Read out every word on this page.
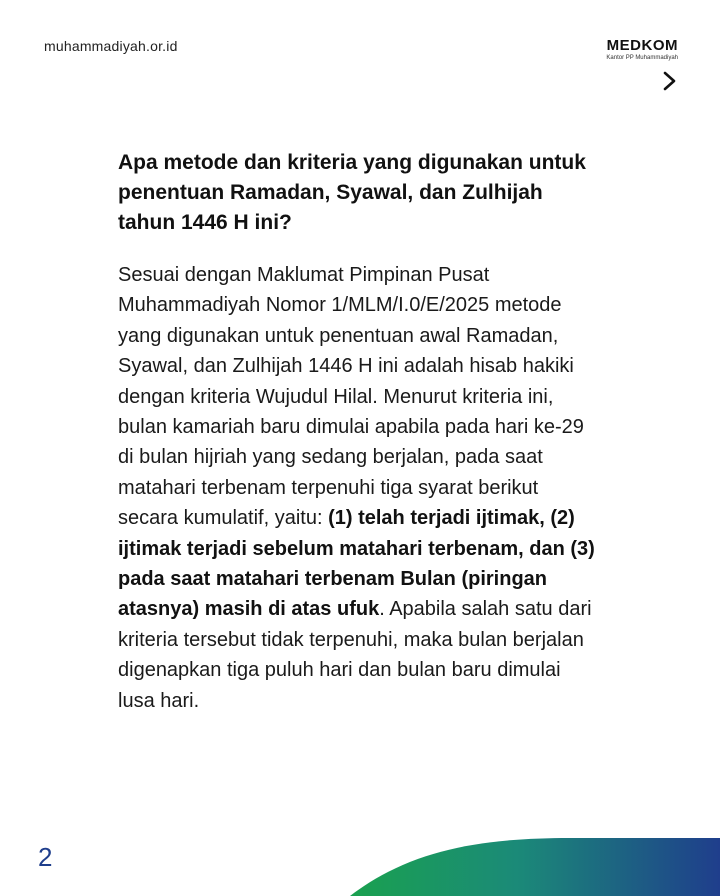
muhammadiyah.or.id	MEDKOM
Kantor PP Muhammadiyah
Apa metode dan kriteria yang digunakan untuk penentuan Ramadan, Syawal, dan Zulhijah tahun 1446 H ini?

Sesuai dengan Maklumat Pimpinan Pusat Muhammadiyah Nomor 1/MLM/I.0/E/2025 metode yang digunakan untuk penentuan awal Ramadan, Syawal, dan Zulhijah 1446 H ini adalah hisab hakiki dengan kriteria Wujudul Hilal. Menurut kriteria ini, bulan kamariah baru dimulai apabila pada hari ke-29 di bulan hijriah yang sedang berjalan, pada saat matahari terbenam terpenuhi tiga syarat berikut secara kumulatif, yaitu: (1) telah terjadi ijtimak, (2) ijtimak terjadi sebelum matahari terbenam, dan (3) pada saat matahari terbenam Bulan (piringan atasnya) masih di atas ufuk. Apabila salah satu dari kriteria tersebut tidak terpenuhi, maka bulan berjalan digenapkan tiga puluh hari dan bulan baru dimulai lusa hari.

2
